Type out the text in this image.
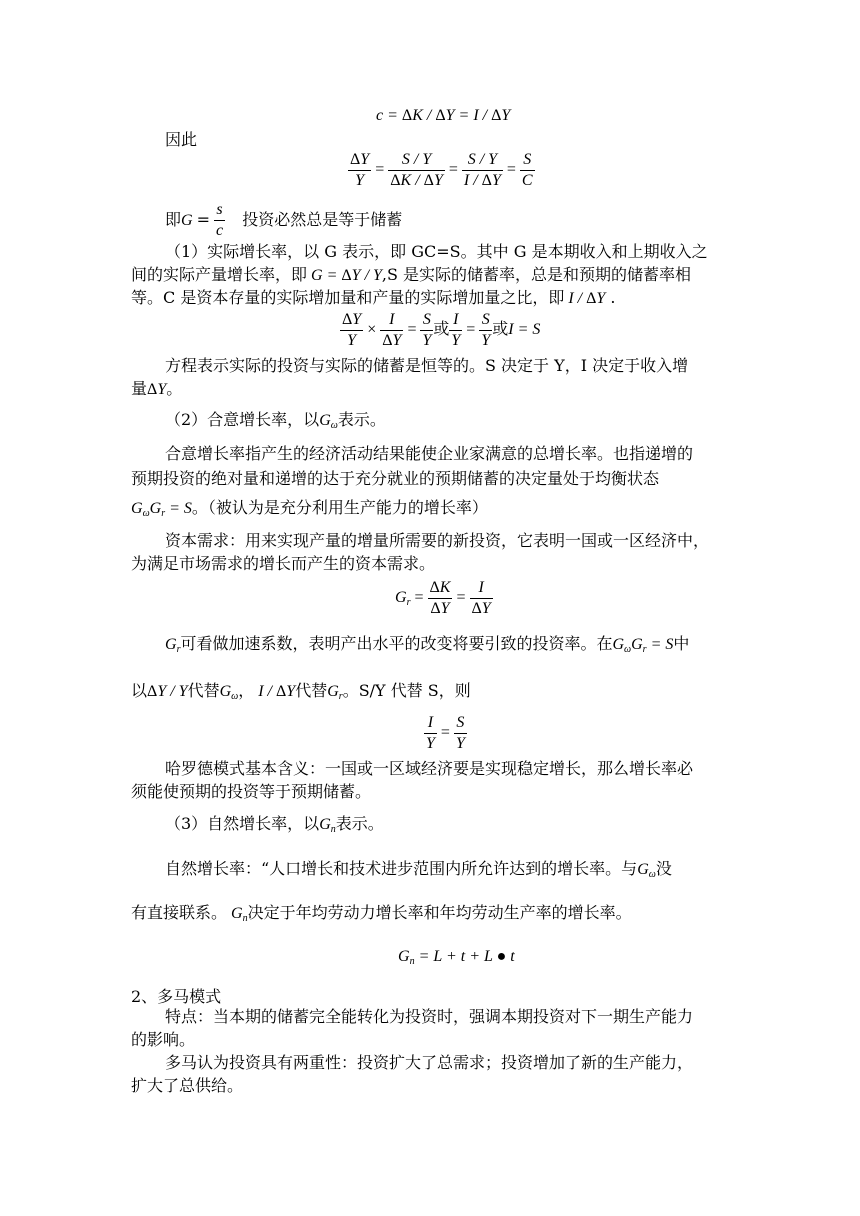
c = ΔK / ΔY = I / ΔY
因此
$\frac{\Delta Y}{Y} = \frac{S / Y}{\Delta K / \Delta Y} = \frac{S / Y}{I / \Delta Y} = \frac{S}{C}$
即$G = \frac{s}{c}$ 投资必然总是等于储蓄
（1）实际增长率，以 G 表示，即 GC=S。其中 G 是本期收入和上期收入之
间的实际产量增长率，即 G = ΔY / Y,S 是实际的储蓄率，总是和预期的储蓄率相
等。C 是资本存量的实际增加量和产量的实际增加量之比，即 I / ΔY .
$\frac{\Delta Y}{Y} \times \frac{I}{\Delta Y} = \frac{S}{Y}$ 或 $\frac{I}{Y} = \frac{S}{Y}$ 或I = S
方程表示实际的投资与实际的储蓄是恒等的。S 决定于 Y，I 决定于收入增
量ΔY。
（2）合意增长率，以$G_\omega$表示。
合意增长率指产生的经济活动结果能使企业家满意的总增长率。也指递增的
预期投资的绝对量和递增的达于充分就业的预期储蓄的决定量处于均衡状态
$G_\omega G_r = S$。（被认为是充分利用生产能力的增长率）
资本需求：用来实现产量的增量所需要的新投资，它表明一国或一区经济中，
为满足市场需求的增长而产生的资本需求。
$G_r = \frac{\Delta K}{\Delta Y} = \frac{I}{\Delta Y}$
$G_r$可看做加速系数，表明产出水平的改变将要引致的投资率。在$G_\omega G_r = S$中
以ΔY / Y代替$G_\omega$， I / ΔY代替$G_r$。S/Y 代替 S，则
$\frac{I}{Y} = \frac{S}{Y}$
哈罗德模式基本含义：一国或一区域经济要是实现稳定增长，那么增长率必
须能使预期的投资等于预期储蓄。
（3）自然增长率，以$G_n$表示。
自然增长率：“人口增长和技术进步范围内所允许达到的增长率。与$G_\omega$没
有直接联系。 $G_n$决定于年均劳动力增长率和年均劳动生产率的增长率。
$G_n = L + t + L$ ● t
2、多马模式
特点：当本期的储蓄完全能转化为投资时，强调本期投资对下一期生产能力
的影响。
多马认为投资具有两重性：投资扩大了总需求；投资增加了新的生产能力，
扩大了总供给。
